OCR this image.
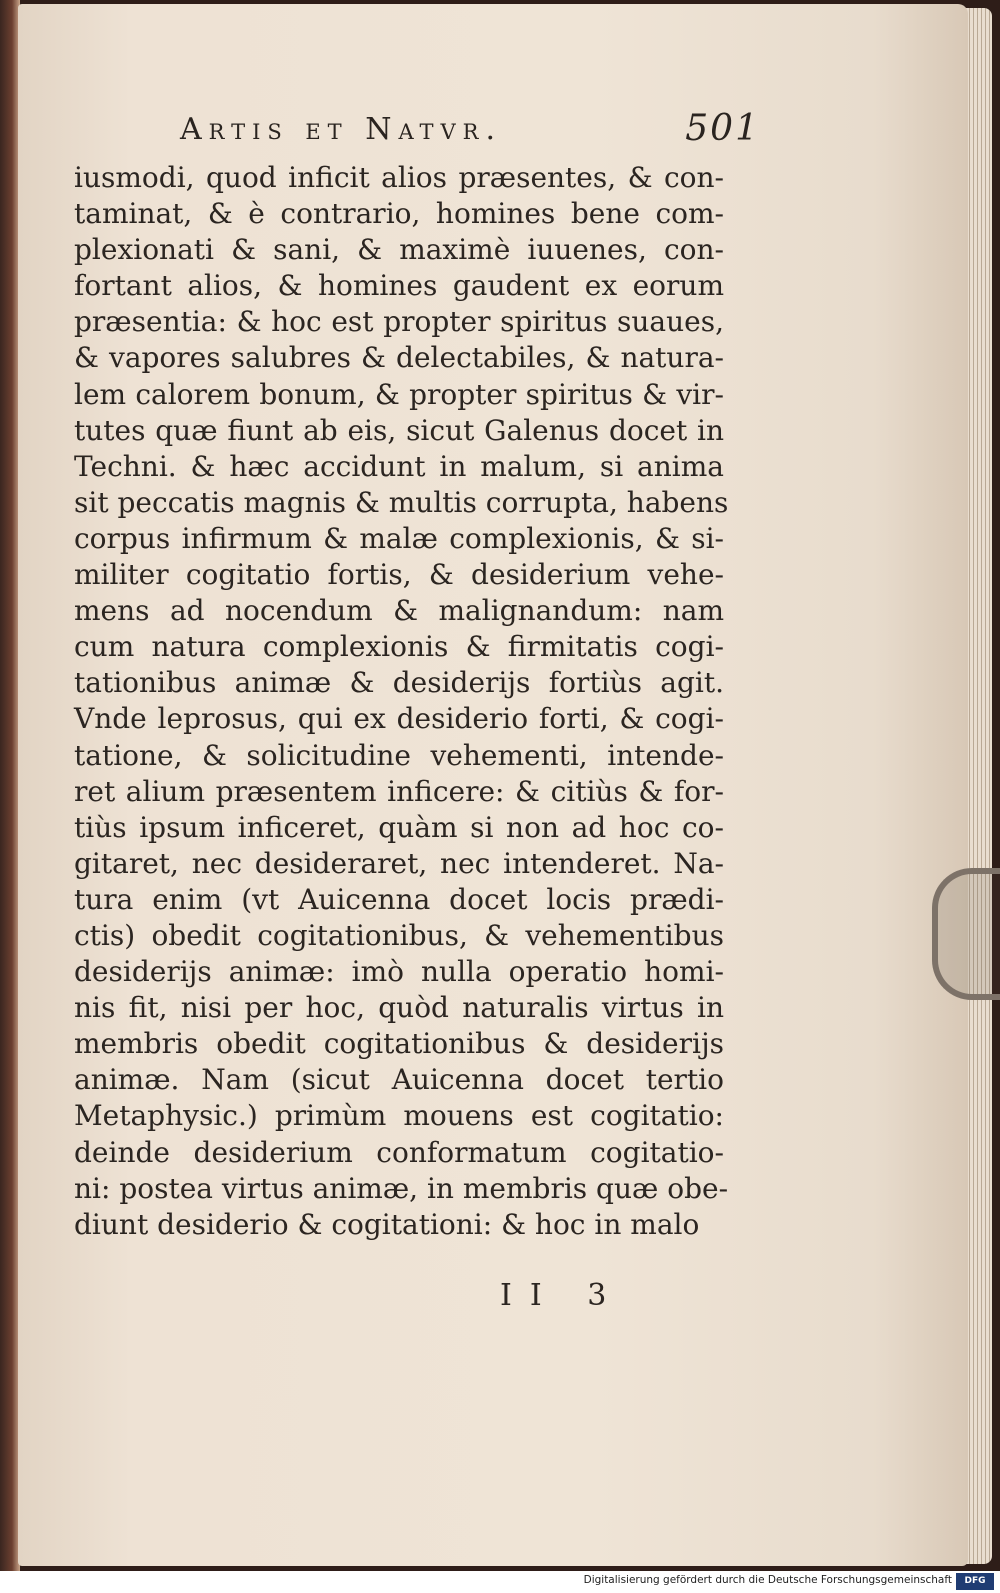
Artis et Natvr.	501
iusmodi, quod inficit alios præsentes, & con-
taminat, & è contrario, homines bene com-
plexionati & sani, & maximè iuuenes, con-
fortant alios, & homines gaudent ex eorum
præsentia: & hoc est propter spiritus suaues,
& vapores salubres & delectabiles, & natura-
lem calorem bonum, & propter spiritus & vir-
tutes quæ fiunt ab eis, sicut Galenus docet in
Techni. & hæc accidunt in malum, si anima
sit peccatis magnis & multis corrupta, habens
corpus infirmum & malæ complexionis, & si-
militer cogitatio fortis, & desiderium vehe-
mens ad nocendum & malignandum: nam
cum natura complexionis & firmitatis cogi-
tationibus animæ & desiderijs fortiùs agit.
Vnde leprosus, qui ex desiderio forti, & cogi-
tatione, & solicitudine vehementi, intende-
ret alium præsentem inficere: & citiùs & for-
tiùs ipsum inficeret, quàm si non ad hoc co-
gitaret, nec desideraret, nec intenderet. Na-
tura enim (vt Auicenna docet locis prædi-
ctis) obedit cogitationibus, & vehementibus
desiderijs animæ: imò nulla operatio homi-
nis fit, nisi per hoc, quòd naturalis virtus in
membris obedit cogitationibus & desiderijs
animæ. Nam (sicut Auicenna docet tertio
Metaphysic.) primùm mouens est cogitatio:
deinde desiderium conformatum cogitatio-
ni: postea virtus animæ, in membris quæ obe-
diunt desiderio & cogitationi: & hoc in malo
II 3
Digitalisierung gefördert durch die Deutsche Forschungsgemeinschaft	DFG
